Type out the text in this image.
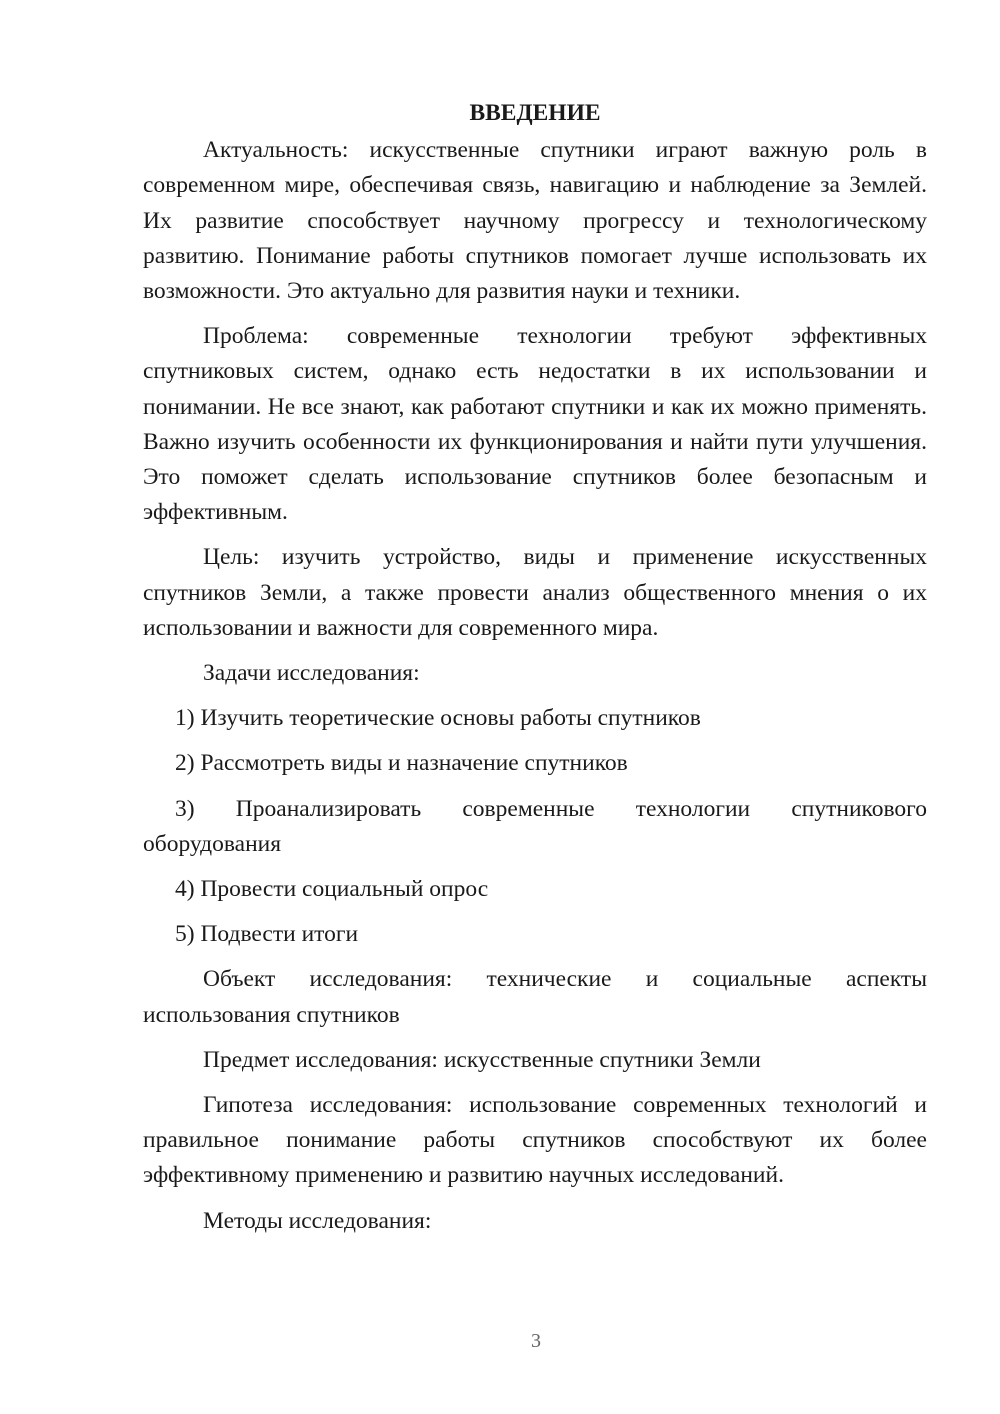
ВВЕДЕНИЕ

Актуальность: искусственные спутники играют важную роль в современном мире, обеспечивая связь, навигацию и наблюдение за Землей. Их развитие способствует научному прогрессу и технологическому развитию. Понимание работы спутников помогает лучше использовать их возможности. Это актуально для развития науки и техники.

Проблема: современные технологии требуют эффективных спутниковых систем, однако есть недостатки в их использовании и понимании. Не все знают, как работают спутники и как их можно применять. Важно изучить особенности их функционирования и найти пути улучшения. Это поможет сделать использование спутников более безопасным и эффективным.

Цель: изучить устройство, виды и применение искусственных спутников Земли, а также провести анализ общественного мнения о их использовании и важности для современного мира.

Задачи исследования:

1) Изучить теоретические основы работы спутников

2) Рассмотреть виды и назначение спутников

3) Проанализировать современные технологии спутникового оборудования

4) Провести социальный опрос

5) Подвести итоги

Объект исследования: технические и социальные аспекты использования спутников

Предмет исследования: искусственные спутники Земли

Гипотеза исследования: использование современных технологий и правильное понимание работы спутников способствуют их более эффективному применению и развитию научных исследований.

Методы исследования:

3
